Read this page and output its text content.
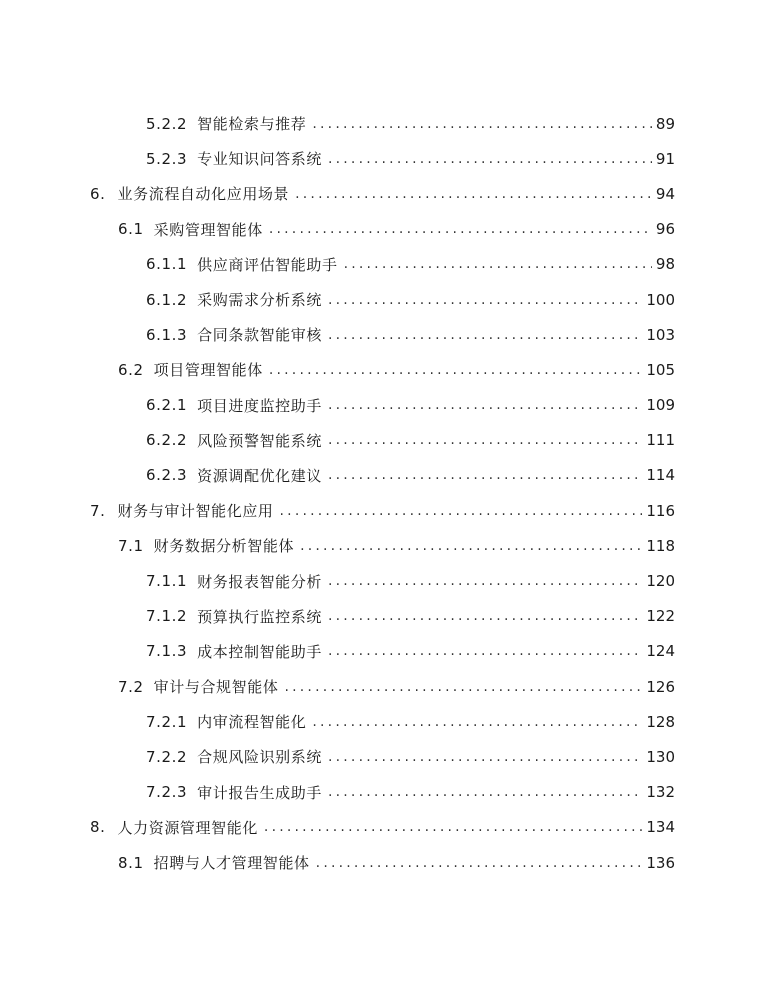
5.2.2 智能检索与推荐 .....	89
5.2.3 专业知识问答系统 .....	91
6. 业务流程自动化应用场景 .....	94
6.1 采购管理智能体 .....	96
6.1.1 供应商评估智能助手 .....	98
6.1.2 采购需求分析系统 .....	100
6.1.3 合同条款智能审核 .....	103
6.2 项目管理智能体 .....	105
6.2.1 项目进度监控助手 .....	109
6.2.2 风险预警智能系统 .....	111
6.2.3 资源调配优化建议 .....	114
7. 财务与审计智能化应用 .....	116
7.1 财务数据分析智能体 .....	118
7.1.1 财务报表智能分析 .....	120
7.1.2 预算执行监控系统 .....	122
7.1.3 成本控制智能助手 .....	124
7.2 审计与合规智能体 .....	126
7.2.1 内审流程智能化 .....	128
7.2.2 合规风险识别系统 .....	130
7.2.3 审计报告生成助手 .....	132
8. 人力资源管理智能化 .....	134
8.1 招聘与人才管理智能体 .....	136
